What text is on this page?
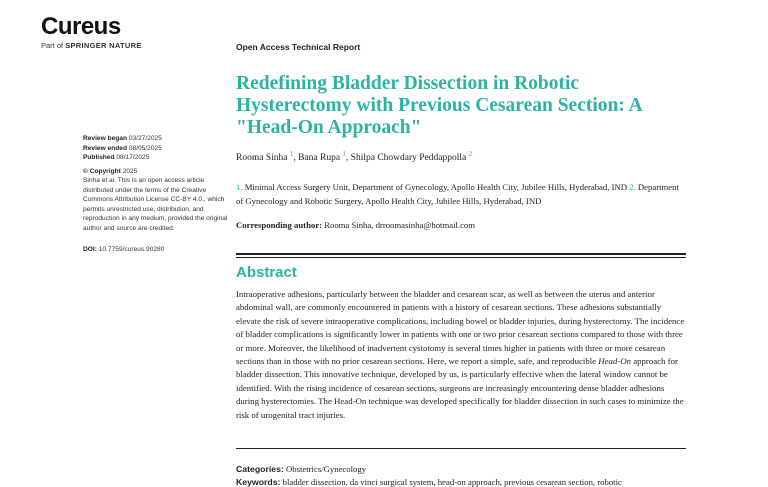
Cureus
Part of SPRINGER NATURE	Open Access Technical Report
Redefining Bladder Dissection in Robotic Hysterectomy with Previous Cesarean Section: A "Head-On Approach"
Rooma Sinha $^1$, Bana Rupa $^1$, Shilpa Chowdary Peddappolla $^2$
1. Minimal Access Surgery Unit, Department of Gynecology, Apollo Health City, Jubilee Hills, Hyderabad, IND 2. Department of Gynecology and Robotic Surgery, Apollo Health City, Jubilee Hills, Hyderabad, IND
Corresponding author: Rooma Sinha, drroomasinha@hotmail.com
Review began 03/27/2025
Review ended 08/05/2025
Published 08/17/2025
© Copyright 2025
Sinha et al. This is an open access article distributed under the terms of the Creative Commons Attribution License CC-BY 4.0., which permits unrestricted use, distribution, and reproduction in any medium, provided the original author and source are credited.
DOI: 10.7759/cureus.90280
Abstract

Intraoperative adhesions, particularly between the bladder and cesarean scar, as well as between the uterus and anterior abdominal wall, are commonly encountered in patients with a history of cesarean sections. These adhesions substantially elevate the risk of severe intraoperative complications, including bowel or bladder injuries, during hysterectomy. The incidence of bladder complications is significantly lower in patients with one or two prior cesarean sections compared to those with three or more. Moreover, the likelihood of inadvertent cystotomy is several times higher in patients with three or more cesarean sections than in those with no prior cesarean sections. Here, we report a simple, safe, and reproducible Head-On approach for bladder dissection. This innovative technique, developed by us, is particularly effective when the lateral window cannot be identified. With the rising incidence of cesarean sections, surgeons are increasingly encountering dense bladder adhesions during hysterectomies. The Head-On technique was developed specifically for bladder dissection in such cases to minimize the risk of urogenital tract injuries.

Categories: Obstetrics/Gynecology
Keywords: bladder dissection, da vinci surgical system, head-on approach, previous cesarean section, robotic
